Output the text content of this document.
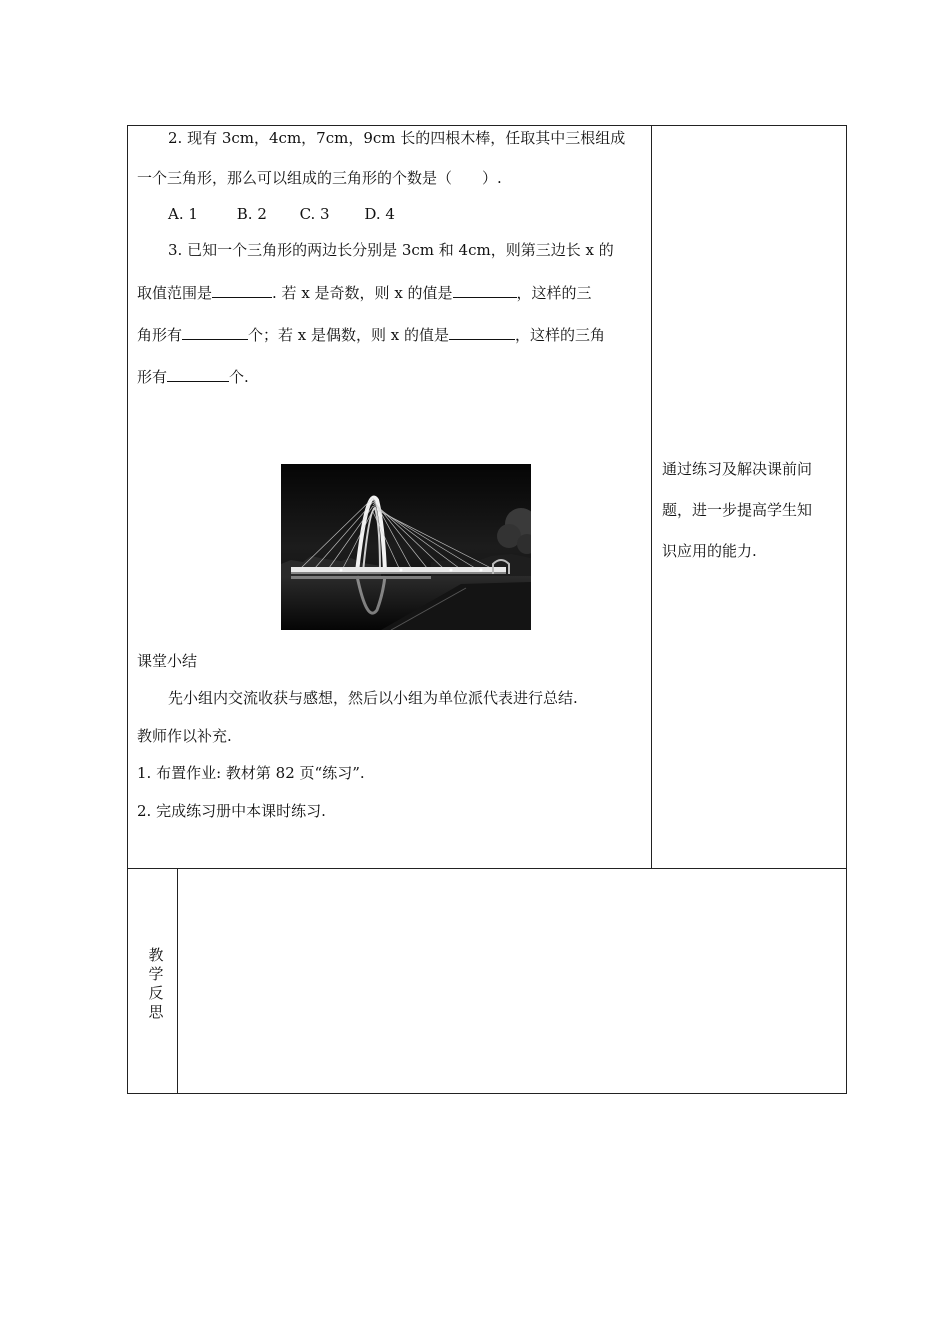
2. 现有 3cm，4cm，7cm，9cm 长的四根木棒，任取其中三根组成
一个三角形，那么可以组成的三角形的个数是（　　）.
A. 1	B. 2 C. 3 D. 4
3. 已知一个三角形的两边长分别是 3cm 和 4cm，则第三边长 x 的
取值范围是	. 若 x 是奇数，则 x 的值是	，这样的三
角形有	个；若 x 是偶数，则 x 的值是	，这样的三角
形有	个.
课堂小结
先小组内交流收获与感想，然后以小组为单位派代表进行总结.
教师作以补充.
1. 布置作业: 教材第 82 页“练习”.
2. 完成练习册中本课时练习.
通过练习及解决课前问
题，进一步提高学生知
识应用的能力.
教
学
反
思
